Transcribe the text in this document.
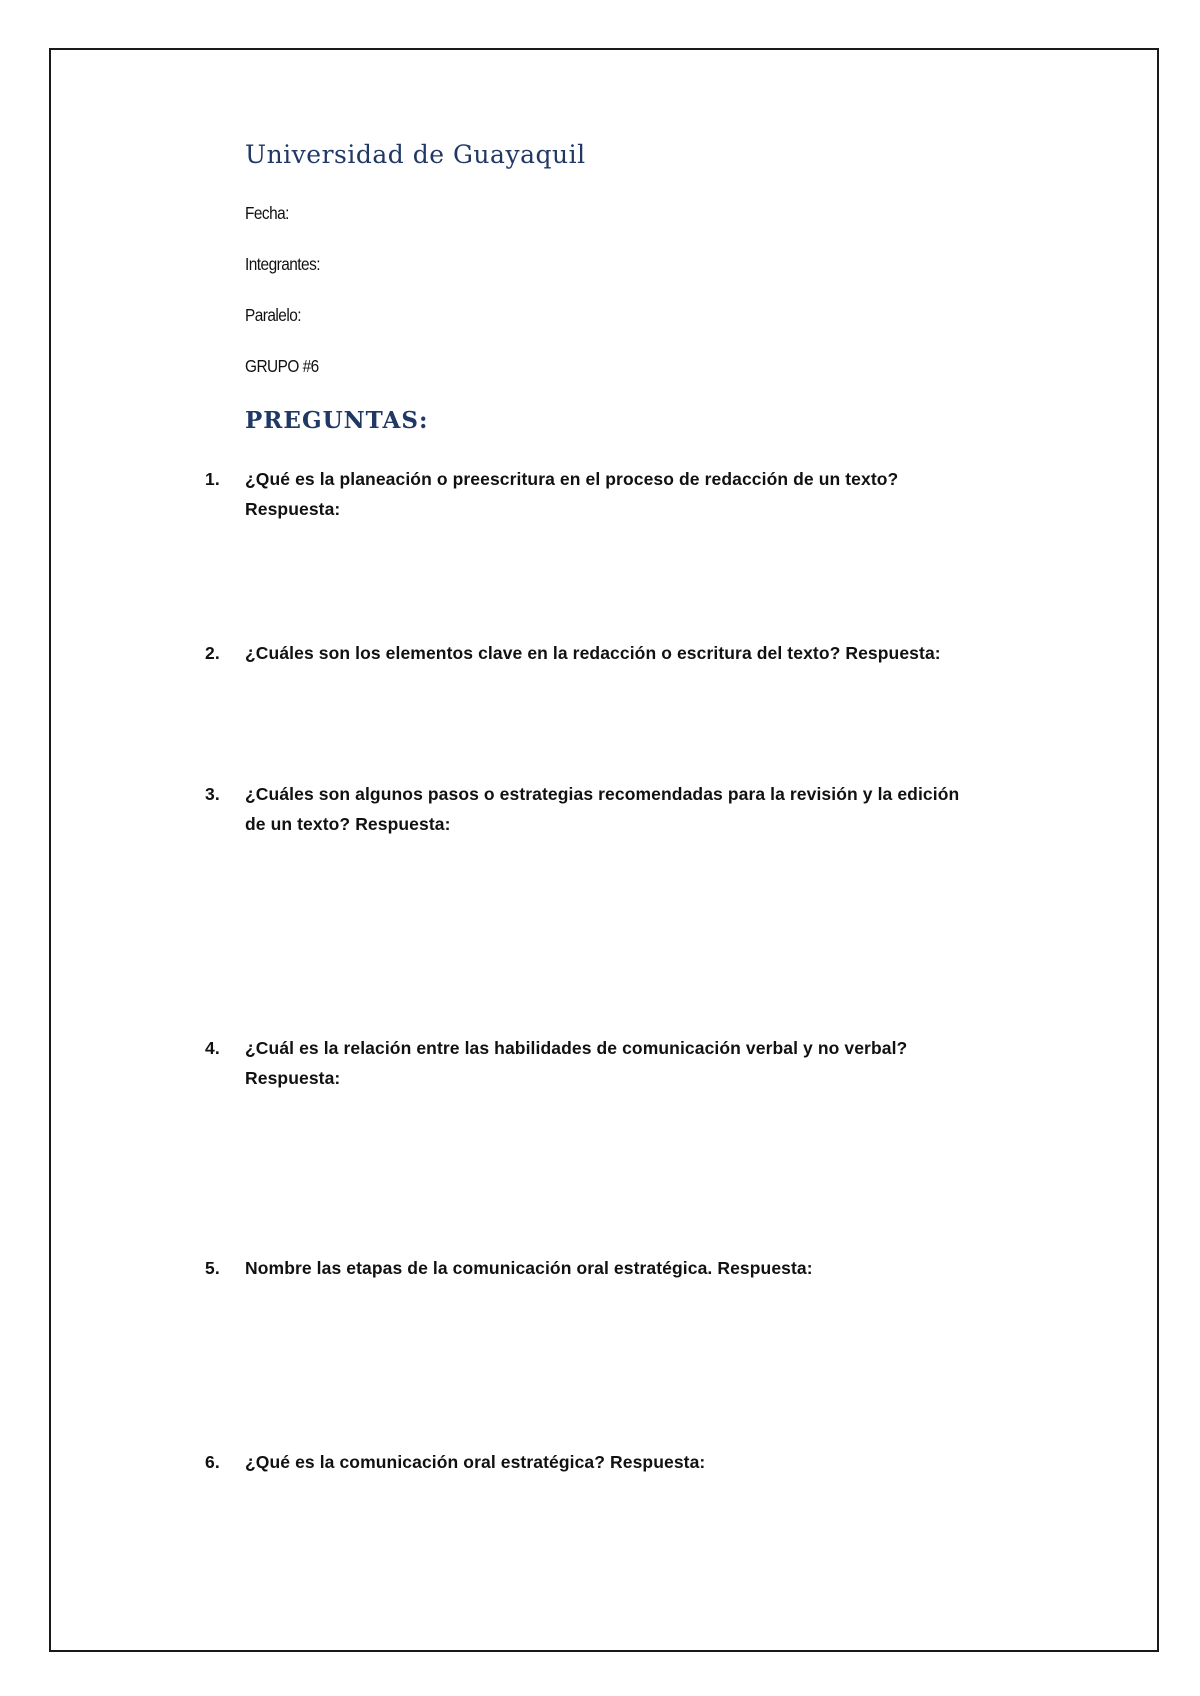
Universidad de Guayaquil
Fecha:
Integrantes:
Paralelo:
GRUPO #6
PREGUNTAS:
1.	¿Qué es la planeación o preescritura en el proceso de redacción de un texto?
Respuesta:
2.	¿Cuáles son los elementos clave en la redacción o escritura del texto? Respuesta:
3.	¿Cuáles son algunos pasos o estrategias recomendadas para la revisión y la edición
de un texto? Respuesta:
4.	¿Cuál es la relación entre las habilidades de comunicación verbal y no verbal?
Respuesta:
5.	Nombre las etapas de la comunicación oral estratégica. Respuesta:
6.	¿Qué es la comunicación oral estratégica? Respuesta:
